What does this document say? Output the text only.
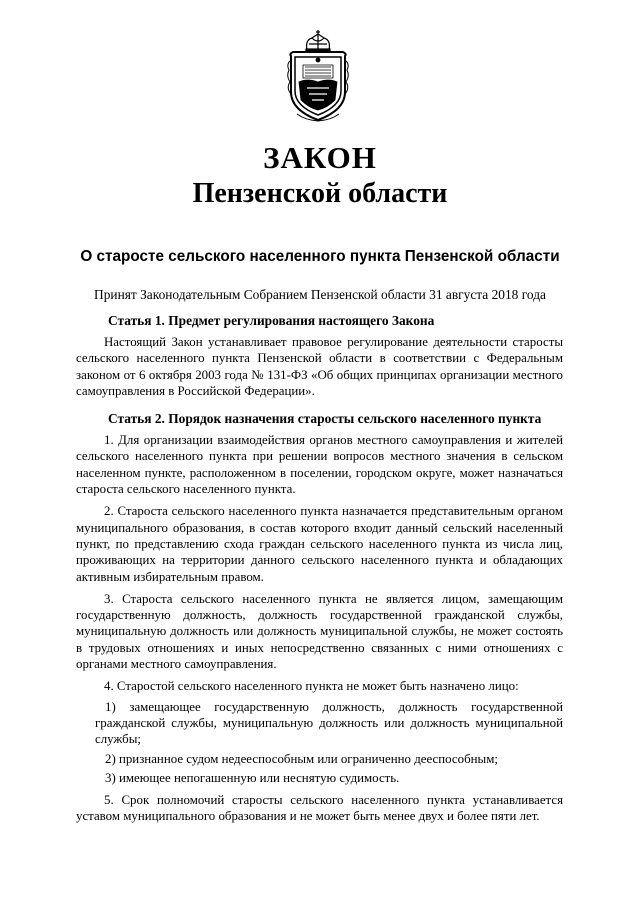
ЗАКОН
Пензенской области
О старосте сельского населенного пункта Пензенской области

Принят Законодательным Собранием Пензенской области 31 августа 2018 года

Статья 1. Предмет регулирования настоящего Закона

Настоящий Закон устанавливает правовое регулирование деятельности старосты сельского населенного пункта Пензенской области в соответствии с Федеральным законом от 6 октября 2003 года № 131-ФЗ «Об общих принципах организации местного самоуправления в Российской Федерации».

Статья 2. Порядок назначения старосты сельского населенного пункта

1. Для организации взаимодействия органов местного самоуправления и жителей сельского населенного пункта при решении вопросов местного значения в сельском населенном пункте, расположенном в поселении, городском округе, может назначаться староста сельского населенного пункта.

2. Староста сельского населенного пункта назначается представительным органом муниципального образования, в состав которого входит данный сельский населенный пункт, по представлению схода граждан сельского населенного пункта из числа лиц, проживающих на территории данного сельского населенного пункта и обладающих активным избирательным правом.

3. Староста сельского населенного пункта не является лицом, замещающим государственную должность, должность государственной гражданской службы, муниципальную должность или должность муниципальной службы, не может состоять в трудовых отношениях и иных непосредственно связанных с ними отношениях с органами местного самоуправления.

4. Старостой сельского населенного пункта не может быть назначено лицо:

1) замещающее государственную должность, должность государственной гражданской службы, муниципальную должность или должность муниципальной службы;

2) признанное судом недееспособным или ограниченно дееспособным;

3) имеющее непогашенную или неснятую судимость.

5. Срок полномочий старосты сельского населенного пункта устанавливается уставом муниципального образования и не может быть менее двух и более пяти лет.
